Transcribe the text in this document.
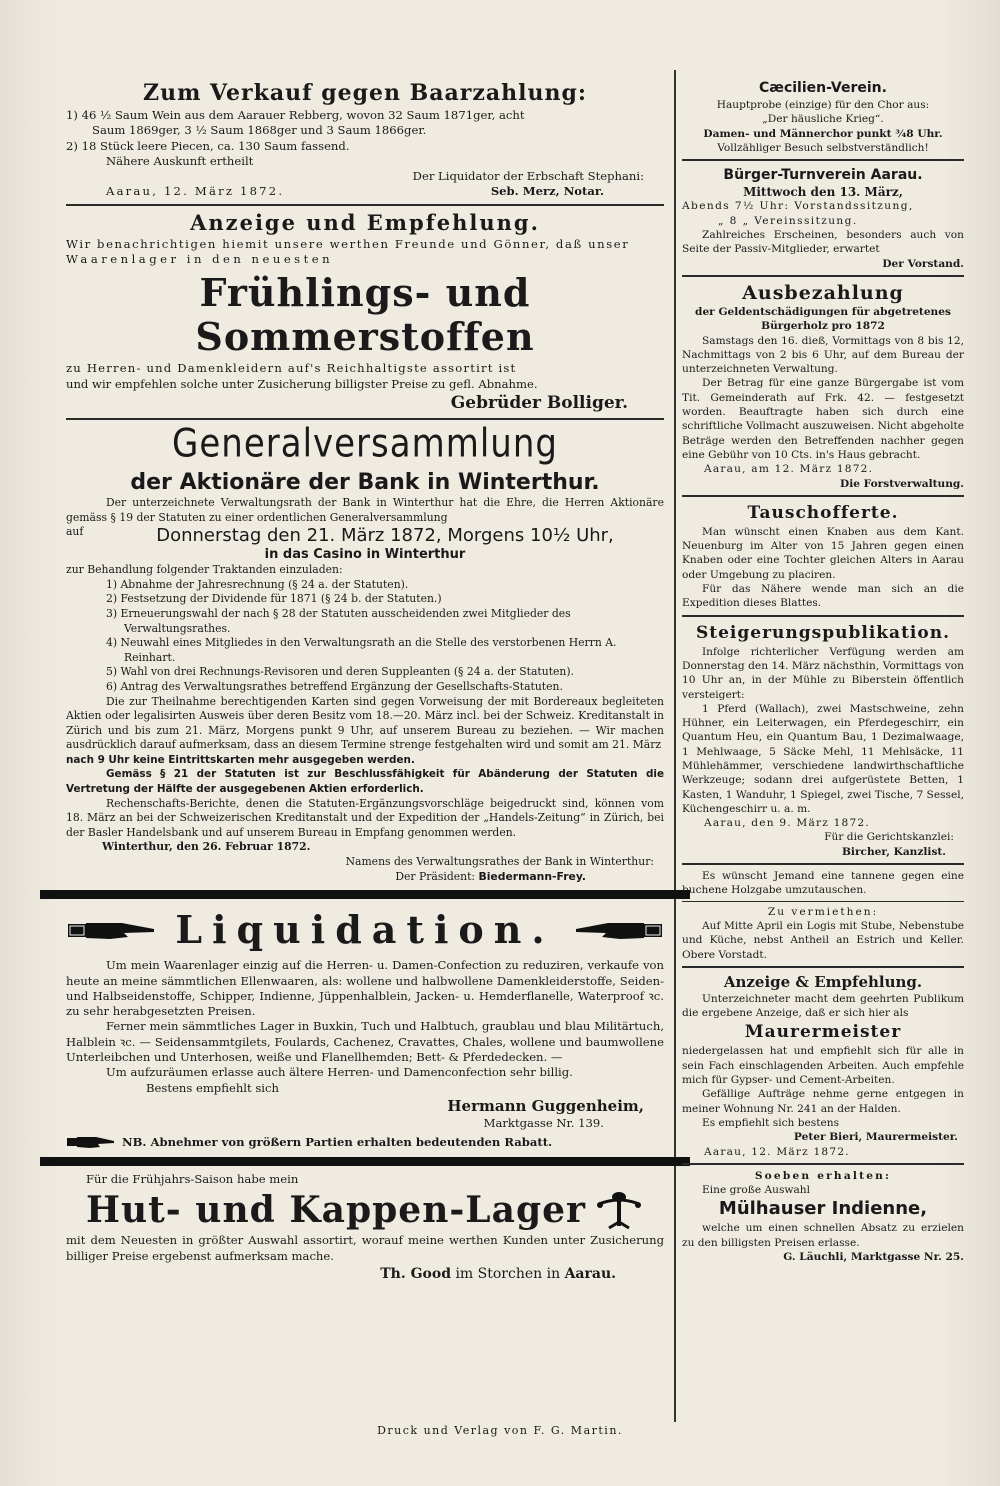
Zum Verkauf gegen Baarzahlung:

1) 46 ½ Saum Wein aus dem Aarauer Rebberg, wovon 32 Saum 1871ger, acht

Saum 1869ger, 3 ½ Saum 1868ger und 3 Saum 1866ger.

2) 18 Stück leere Piecen, ca. 130 Saum fassend.

Nähere Auskunft ertheilt

Der Liquidator der Erbschaft Stephani:

Aarau, 12. März 1872.	Seb. Merz, Notar.
Anzeige und Empfehlung.

Wir benachrichtigen hiemit unsere werthen Freunde und Gönner, daß unser

Waarenlager in den neuesten

Frühlings- und Sommerstoffen

zu Herren- und Damenkleidern auf's Reichhaltigste assortirt ist

und wir empfehlen solche unter Zusicherung billigster Preise zu gefl. Abnahme.

Gebrüder Bolliger.

Generalversammlung
der Aktionäre der Bank in Winterthur.

Der unterzeichnete Verwaltungsrath der Bank in Winterthur hat die Ehre, die Herren Aktionäre gemäss § 19 der Statuten zu einer ordentlichen Generalversammlung

auf	Donnerstag den 21. März 1872, Morgens 10½ Uhr,
in das Casino in Winterthur

zur Behandlung folgender Traktanden einzuladen:

1) Abnahme der Jahresrechnung (§ 24 a. der Statuten).

2) Festsetzung der Dividende für 1871 (§ 24 b. der Statuten.)

3) Erneuerungswahl der nach § 28 der Statuten ausscheidenden zwei Mitglieder des Verwaltungsrathes.

4) Neuwahl eines Mitgliedes in den Verwaltungsrath an die Stelle des verstorbenen Herrn A. Reinhart.

5) Wahl von drei Rechnungs-Revisoren und deren Suppleanten (§ 24 a. der Statuten).

6) Antrag des Verwaltungsrathes betreffend Ergänzung der Gesellschafts-Statuten.

Die zur Theilnahme berechtigenden Karten sind gegen Vorweisung der mit Bordereaux begleiteten Aktien oder legalisirten Ausweis über deren Besitz vom 18.—20. März incl. bei der Schweiz. Kreditanstalt in Zürich und bis zum 21. März, Morgens punkt 9 Uhr, auf unserem Bureau zu beziehen. — Wir machen ausdrücklich darauf aufmerksam, dass an diesem Termine strenge festgehalten wird und somit am 21. März

nach 9 Uhr keine Eintrittskarten mehr ausgegeben werden.

Gemäss § 21 der Statuten ist zur Beschlussfähigkeit für Abänderung der Statuten die Vertretung der Hälfte der ausgegebenen Aktien erforderlich.

Rechenschafts-Berichte, denen die Statuten-Ergänzungsvorschläge beigedruckt sind, können vom 18. März an bei der Schweizerischen Kreditanstalt und der Expedition der „Handels-Zeitung“ in Zürich, bei der Basler Handelsbank und auf unserem Bureau in Empfang genommen werden.

Winterthur, den 26. Februar 1872.

Namens des Verwaltungsrathes der Bank in Winterthur:

Der Präsident: Biedermann-Frey.

Liquidation.

Um mein Waarenlager einzig auf die Herren- u. Damen-Confection zu reduziren, verkaufe von heute an meine sämmtlichen Ellenwaaren, als: wollene und halbwollene Damenkleiderstoffe, Seiden- und Halbseidenstoffe, Schipper, Indienne, Jüppenhalblein, Jacken- u. Hemderflanelle, Waterproof ꝛc. zu sehr herabgesetzten Preisen.

Ferner mein sämmtliches Lager in Buxkin, Tuch und Halbtuch, graublau und blau Militärtuch, Halblein ꝛc. — Seidensammtgilets, Foulards, Cachenez, Cravattes, Chales, wollene und baumwollene Unterleibchen und Unterhosen, weiße und Flanellhemden; Bett- & Pferdedecken. —

Um aufzuräumen erlasse auch ältere Herren- und Damenconfection sehr billig.

Bestens empfiehlt sich

Hermann Guggenheim,

Marktgasse Nr. 139.

NB. Abnehmer von größern Partien erhalten bedeutenden Rabatt.

Für die Frühjahrs-Saison habe mein

Hut- und Kappen-Lager

mit dem Neuesten in größter Auswahl assortirt, worauf meine werthen Kunden unter Zusicherung billiger Preise ergebenst aufmerksam mache.

Th. Good im Storchen in Aarau.

Cæcilien-Verein.

Hauptprobe (einzige) für den Chor aus:

„Der häusliche Krieg“.

Damen- und Männerchor punkt ¾8 Uhr.

Vollzähliger Besuch selbstverständlich!

Bürger-Turnverein Aarau.

Mittwoch den 13. März,

Abends 7½ Uhr: Vorstandssitzung,

„ 8 „ Vereinssitzung.

Zahlreiches Erscheinen, besonders auch von Seite der Passiv-Mitglieder, erwartet

Der Vorstand.

Ausbezahlung

der Geldentschädigungen für abgetretenes

Bürgerholz pro 1872

Samstags den 16. dieß, Vormittags von 8 bis 12, Nachmittags von 2 bis 6 Uhr, auf dem Bureau der unterzeichneten Verwaltung.

Der Betrag für eine ganze Bürgergabe ist vom Tit. Gemeinderath auf Frk. 42. — festgesetzt worden. Beauftragte haben sich durch eine schriftliche Vollmacht auszuweisen. Nicht abgeholte Beträge werden den Betreffenden nachher gegen eine Gebühr von 10 Cts. in's Haus gebracht.

Aarau, am 12. März 1872.

Die Forstverwaltung.

Tauschofferte.

Man wünscht einen Knaben aus dem Kant. Neuenburg im Alter von 15 Jahren gegen einen Knaben oder eine Tochter gleichen Alters in Aarau oder Umgebung zu placiren.

Für das Nähere wende man sich an die Expedition dieses Blattes.

Steigerungspublikation.

Infolge richterlicher Verfügung werden am Donnerstag den 14. März nächsthin, Vormittags von 10 Uhr an, in der Mühle zu Biberstein öffentlich versteigert:

1 Pferd (Wallach), zwei Mastschweine, zehn Hühner, ein Leiterwagen, ein Pferdegeschirr, ein Quantum Heu, ein Quantum Bau, 1 Dezimalwaage, 1 Mehlwaage, 5 Säcke Mehl, 11 Mehlsäcke, 11 Mühlehämmer, verschiedene landwirthschaftliche Werkzeuge; sodann drei aufgerüstete Betten, 1 Kasten, 1 Wanduhr, 1 Spiegel, zwei Tische, 7 Sessel, Küchengeschirr u. a. m.

Aarau, den 9. März 1872.

Für die Gerichtskanzlei:

Bircher, Kanzlist.

Es wünscht Jemand eine tannene gegen eine buchene Holzgabe umzutauschen.

Zu vermiethen:

Auf Mitte April ein Logis mit Stube, Nebenstube und Küche, nebst Antheil an Estrich und Keller. Obere Vorstadt.

Anzeige & Empfehlung.

Unterzeichneter macht dem geehrten Publikum die ergebene Anzeige, daß er sich hier als

Maurermeister

niedergelassen hat und empfiehlt sich für alle in sein Fach einschlagenden Arbeiten. Auch empfehle mich für Gypser- und Cement-Arbeiten.

Gefällige Aufträge nehme gerne entgegen in meiner Wohnung Nr. 241 an der Halden.

Es empfiehlt sich bestens

Peter Bieri, Maurermeister.

Aarau, 12. März 1872.

Soeben erhalten:

Eine große Auswahl

Mülhauser Indienne,

welche um einen schnellen Absatz zu erzielen zu den billigsten Preisen erlasse.

G. Läuchli, Marktgasse Nr. 25.

Druck und Verlag von F. G. Martin.
